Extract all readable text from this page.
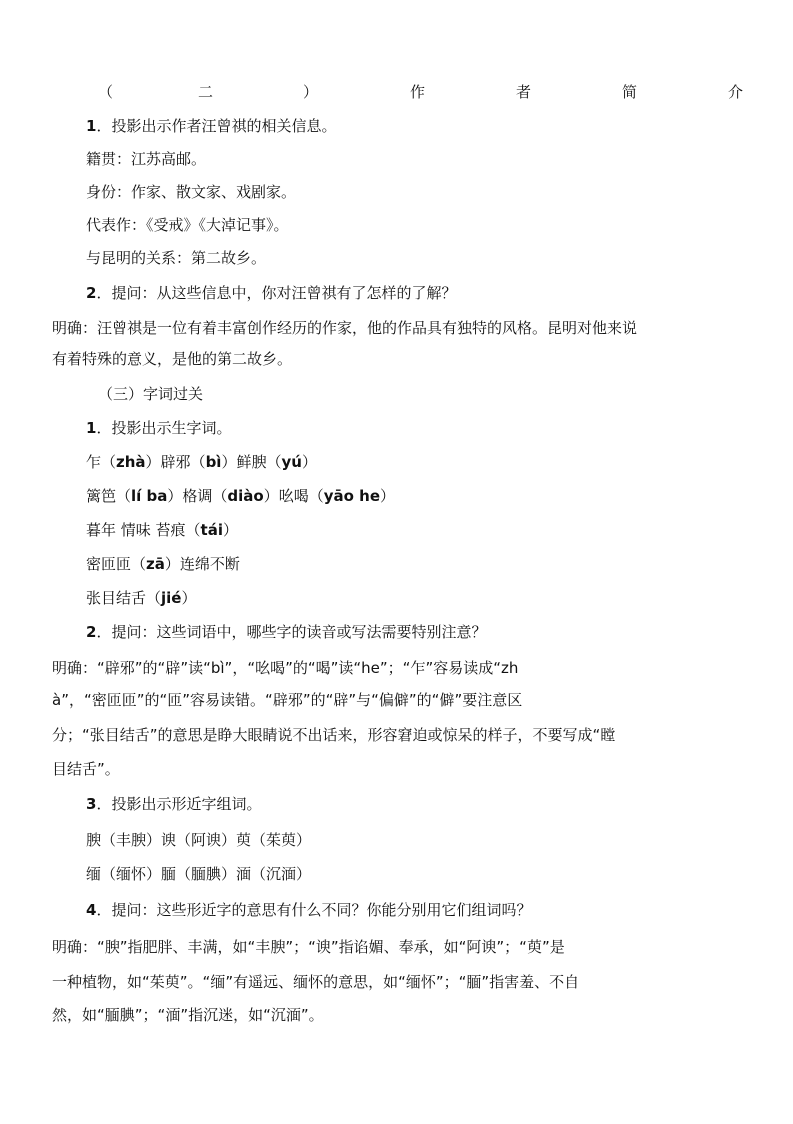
（	二	）	作	者	简	介
1．投影出示作者汪曾祺的相关信息。
籍贯：江苏高邮。
身份：作家、散文家、戏剧家。
代表作：《受戒》《大淖记事》。
与昆明的关系：第二故乡。
2．提问：从这些信息中，你对汪曾祺有了怎样的了解？
明确：汪曾祺是一位有着丰富创作经历的作家，他的作品具有独特的风格。昆明对他来说
有着特殊的意义，是他的第二故乡。
（三）字词过关
1．投影出示生字词。
乍（zhà）辟邪（bì）鲜腴（yú）
篱笆（lí ba）格调（diào）吆喝（yāo he）
暮年 情味 苔痕（tái）
密匝匝（zā）连绵不断
张目结舌（jié）
2．提问：这些词语中，哪些字的读音或写法需要特别注意？
明确：“辟邪”的“辟”读“bì”，“吆喝”的“喝”读“he”；“乍”容易读成“zh
à”，“密匝匝”的“匝”容易读错。“辟邪”的“辟”与“偏僻”的“僻”要注意区
分；“张目结舌”的意思是睁大眼睛说不出话来，形容窘迫或惊呆的样子，不要写成“瞠
目结舌”。
3．投影出示形近字组词。
腴（丰腴）谀（阿谀）萸（茱萸）
缅（缅怀）腼（腼腆）湎（沉湎）
4．提问：这些形近字的意思有什么不同？你能分别用它们组词吗？
明确：“腴”指肥胖、丰满，如“丰腴”；“谀”指谄媚、奉承，如“阿谀”；“萸”是
一种植物，如“茱萸”。“缅”有遥远、缅怀的意思，如“缅怀”；“腼”指害羞、不自
然，如“腼腆”；“湎”指沉迷，如“沉湎”。
